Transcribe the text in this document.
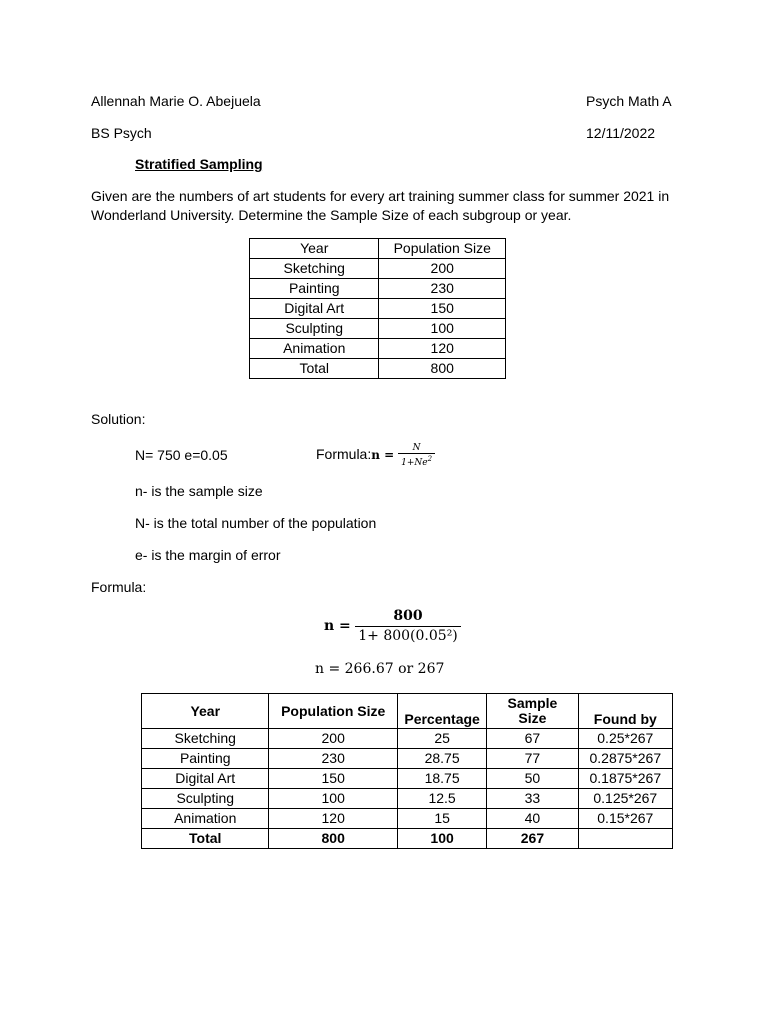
Allennah Marie O. Abejuela	Psych Math A
BS Psych	12/11/2022
Stratified Sampling
Given are the numbers of art students for every art training summer class for summer 2021 in
Wonderland University. Determine the Sample Size of each subgroup or year.
Year	Population Size
Sketching	200
Painting	230
Digital Art	150
Sculpting	100
Animation	120
Total	800
Solution:
N= 750 e=0.05	Formula:n = $\frac{N}{1+Ne^2}$
n- is the sample size
N- is the total number of the population
e- is the margin of error
Formula:
$n = \frac{800}{\text{1+ 800(0.05²)}}$
n = 266.67 or 267
Year	Population Size	Percentage	Sample Size	Found by
Sketching	200	25	67	0.25*267
Painting	230	28.75	77	0.2875*267
Digital Art	150	18.75	50	0.1875*267
Sculpting	100	12.5	33	0.125*267
Animation	120	15	40	0.15*267
Total	800	100	267	
